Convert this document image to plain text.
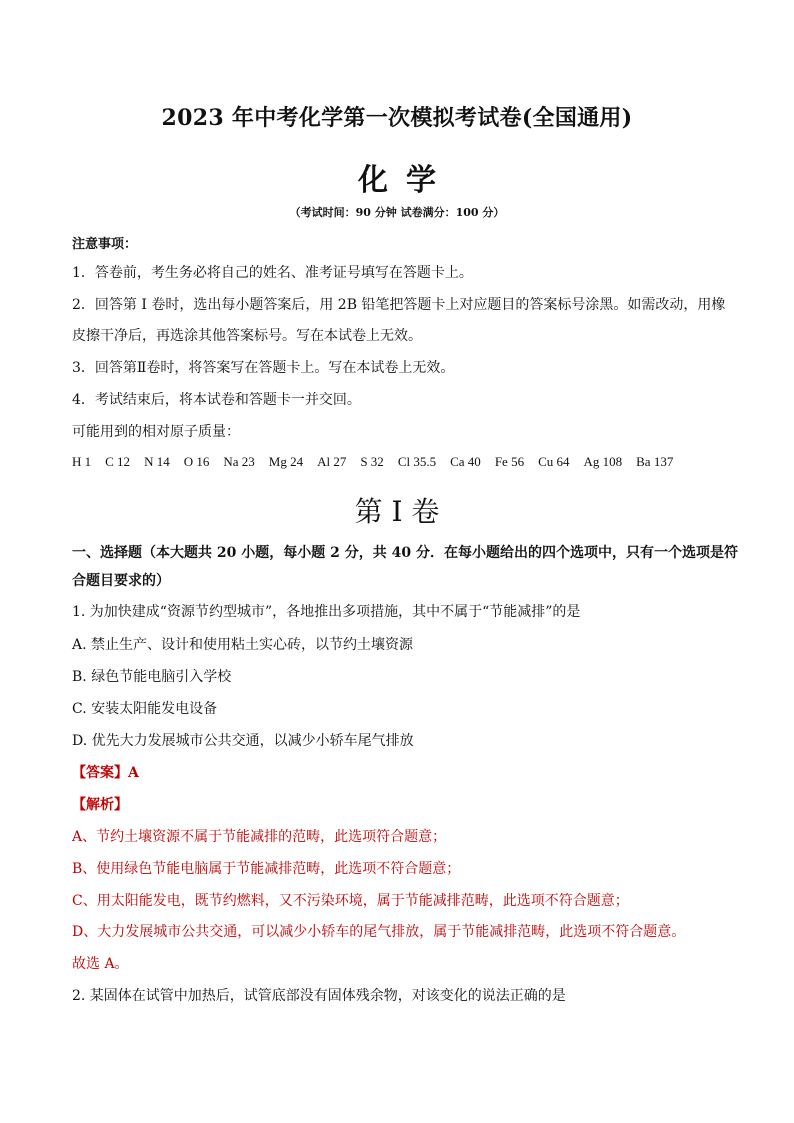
2023 年中考化学第一次模拟考试卷(全国通用)
化学
（考试时间：90 分钟 试卷满分：100 分）
注意事项：
1．答卷前，考生务必将自己的姓名、准考证号填写在答题卡上。
2．回答第 I 卷时，选出每小题答案后，用 2B 铅笔把答题卡上对应题目的答案标号涂黑。如需改动，用橡
皮擦干净后，再选涂其他答案标号。写在本试卷上无效。
3．回答第Ⅱ卷时，将答案写在答题卡上。写在本试卷上无效。
4．考试结束后，将本试卷和答题卡一并交回。
可能用到的相对原子质量：
H 1 C 12 N 14 O 16 Na 23 Mg 24 Al 27 S 32 Cl 35.5 Ca 40 Fe 56 Cu 64 Ag 108 Ba 137
第 I 卷
一、选择题（本大题共 20 小题，每小题 2 分，共 40 分．在每小题给出的四个选项中，只有一个选项是符
合题目要求的）
1. 为加快建成“资源节约型城市”，各地推出多项措施，其中不属于“节能减排”的是
A. 禁止生产、设计和使用粘土实心砖，以节约土壤资源
B. 绿色节能电脑引入学校
C. 安装太阳能发电设备
D. 优先大力发展城市公共交通，以减少小轿车尾气排放
【答案】A
【解析】
A、节约土壤资源不属于节能减排的范畴，此选项符合题意；
B、使用绿色节能电脑属于节能减排范畴，此选项不符合题意；
C、用太阳能发电，既节约燃料，又不污染环境，属于节能减排范畴，此选项不符合题意；
D、大力发展城市公共交通，可以减少小轿车的尾气排放，属于节能减排范畴，此选项不符合题意。
故选 A。
2. 某固体在试管中加热后，试管底部没有固体残余物，对该变化的说法正确的是
